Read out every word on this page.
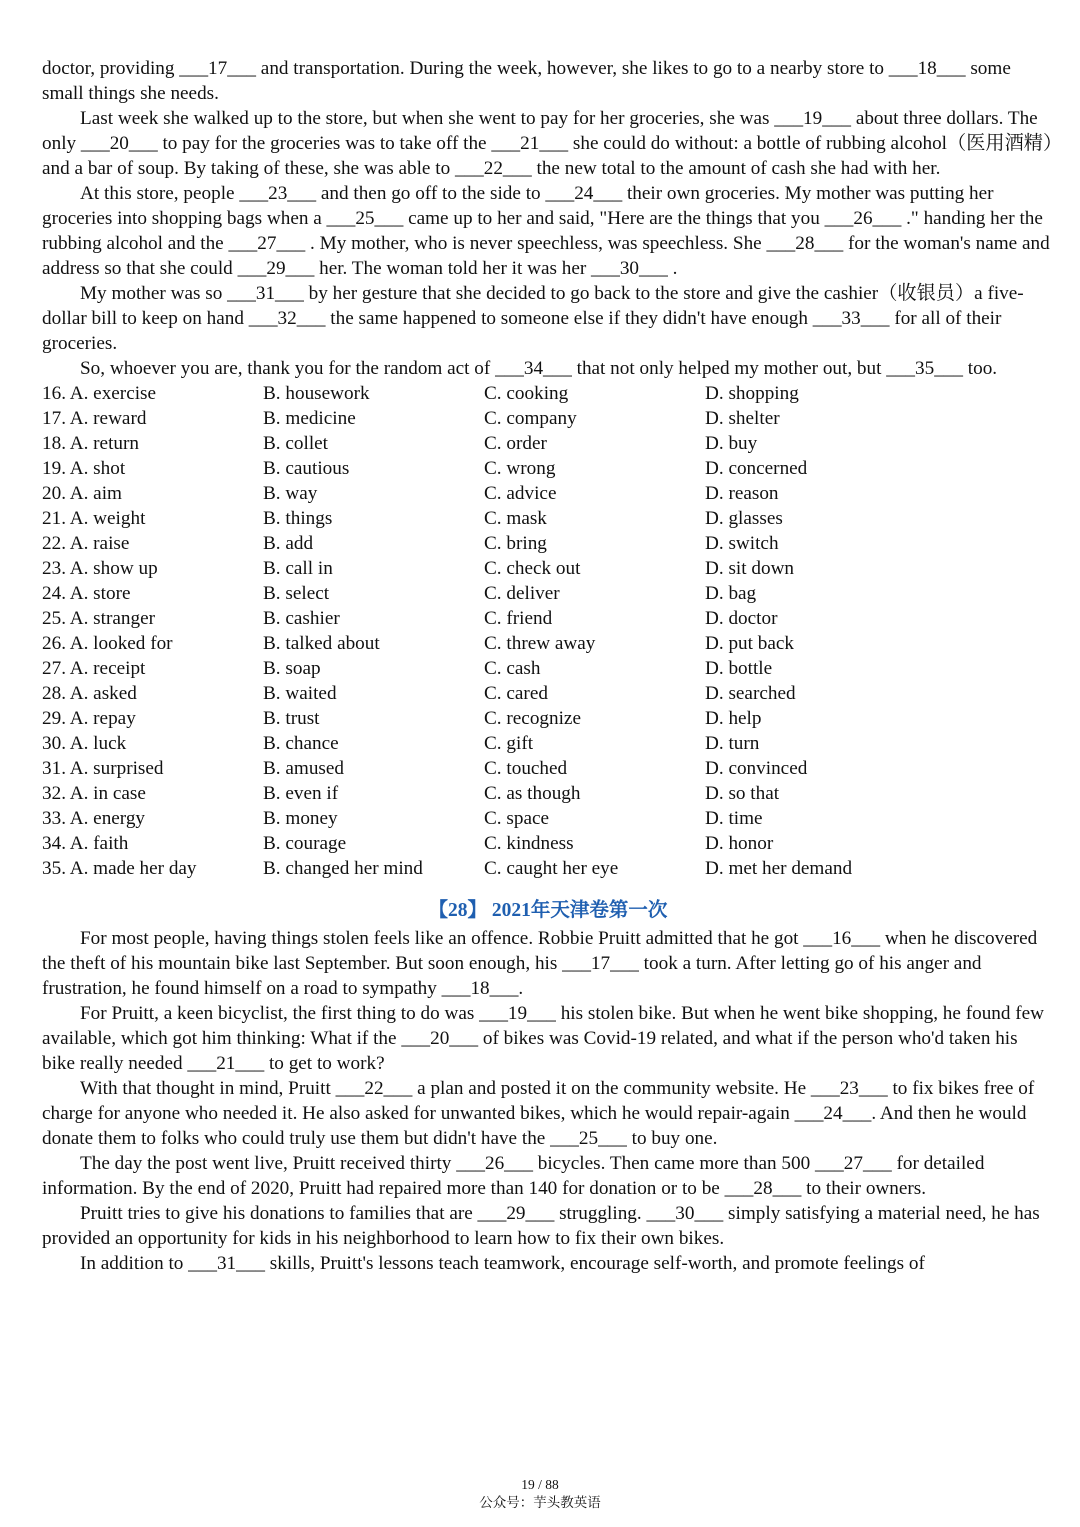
doctor, providing ___17___ and transportation. During the week, however, she likes to go to a nearby store to ___18___ some small things she needs.

Last week she walked up to the store, but when she went to pay for her groceries, she was ___19___ about three dollars. The only ___20___ to pay for the groceries was to take off the ___21___ she could do without: a bottle of rubbing alcohol（医用酒精）and a bar of soup. By taking of these, she was able to ___22___ the new total to the amount of cash she had with her.

At this store, people ___23___ and then go off to the side to ___24___ their own groceries. My mother was putting her groceries into shopping bags when a ___25___ came up to her and said, "Here are the things that you ___26___ ." handing her the rubbing alcohol and the ___27___ . My mother, who is never speechless, was speechless. She ___28___ for the woman's name and address so that she could ___29___ her. The woman told her it was her ___30___ .

My mother was so ___31___ by her gesture that she decided to go back to the store and give the cashier（收银员）a five-dollar bill to keep on hand ___32___ the same happened to someone else if they didn't have enough ___33___ for all of their groceries.

So, whoever you are, thank you for the random act of ___34___ that not only helped my mother out, but ___35___ too.

16. A. exercise	B. housework	C. cooking	D. shopping
17. A. reward	B. medicine	C. company	D. shelter
18. A. return	B. collet	C. order	D. buy
19. A. shot	B. cautious	C. wrong	D. concerned
20. A. aim	B. way	C. advice	D. reason
21. A. weight	B. things	C. mask	D. glasses
22. A. raise	B. add	C. bring	D. switch
23. A. show up	B. call in	C. check out	D. sit down
24. A. store	B. select	C. deliver	D. bag
25. A. stranger	B. cashier	C. friend	D. doctor
26. A. looked for	B. talked about	C. threw away	D. put back
27. A. receipt	B. soap	C. cash	D. bottle
28. A. asked	B. waited	C. cared	D. searched
29. A. repay	B. trust	C. recognize	D. help
30. A. luck	B. chance	C. gift	D. turn
31. A. surprised	B. amused	C. touched	D. convinced
32. A. in case	B. even if	C. as though	D. so that
33. A. energy	B. money	C. space	D. time
34. A. faith	B. courage	C. kindness	D. honor
35. A. made her day	B. changed her mind	C. caught her eye	D. met her demand
【28】 2021年天津卷第一次

For most people, having things stolen feels like an offence. Robbie Pruitt admitted that he got ___16___ when he discovered the theft of his mountain bike last September. But soon enough, his ___17___ took a turn. After letting go of his anger and frustration, he found himself on a road to sympathy ___18___.

For Pruitt, a keen bicyclist, the first thing to do was ___19___ his stolen bike. But when he went bike shopping, he found few available, which got him thinking: What if the ___20___ of bikes was Covid-19 related, and what if the person who'd taken his bike really needed ___21___ to get to work?

With that thought in mind, Pruitt ___22___ a plan and posted it on the community website. He ___23___ to fix bikes free of charge for anyone who needed it. He also asked for unwanted bikes, which he would repair-again ___24___. And then he would donate them to folks who could truly use them but didn't have the ___25___ to buy one.

The day the post went live, Pruitt received thirty ___26___ bicycles. Then came more than 500 ___27___ for detailed information. By the end of 2020, Pruitt had repaired more than 140 for donation or to be ___28___ to their owners.

Pruitt tries to give his donations to families that are ___29___ struggling. ___30___ simply satisfying a material need, he has provided an opportunity for kids in his neighborhood to learn how to fix their own bikes.

In addition to ___31___ skills, Pruitt's lessons teach teamwork, encourage self-worth, and promote feelings of

19 / 88
公众号：芋头教英语
